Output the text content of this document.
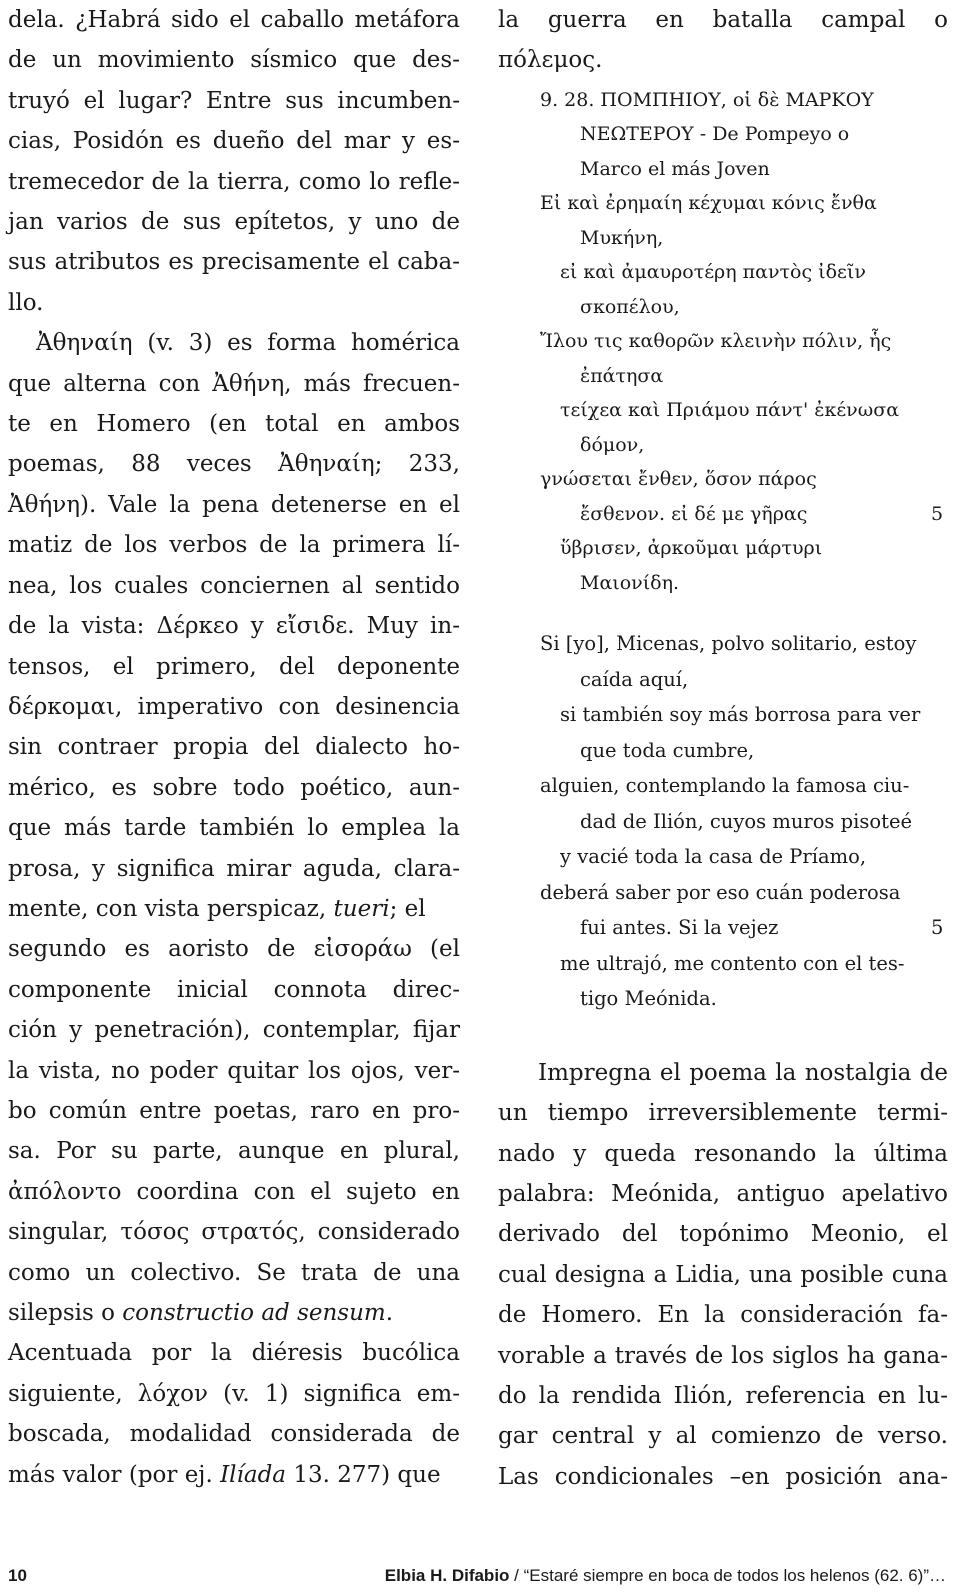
dela. ¿Habrá sido el caballo metáfora
de un movimiento sísmico que des-
truyó el lugar? Entre sus incumben-
cias, Posidón es dueño del mar y es-
tremecedor de la tierra, como lo refle-
jan varios de sus epítetos, y uno de
sus atributos es precisamente el caba-
llo.
Ἀθηναίη (v. 3) es forma homérica
que alterna con Ἀθήνη, más frecuen-
te en Homero (en total en ambos
poemas, 88 veces Ἀθηναίη; 233,
Ἀθήνη). Vale la pena detenerse en el
matiz de los verbos de la primera lí-
nea, los cuales conciernen al sentido
de la vista: Δέρκεο y εἴσιδε. Muy in-
tensos, el primero, del deponente
δέρκομαι, imperativo con desinencia
sin contraer propia del dialecto ho-
mérico, es sobre todo poético, aun-
que más tarde también lo emplea la
prosa, y significa mirar aguda, clara-
mente, con vista perspicaz, tueri; el
segundo es aoristo de εἰσοράω (el
componente inicial connota direc-
ción y penetración), contemplar, fijar
la vista, no poder quitar los ojos, ver-
bo común entre poetas, raro en pro-
sa. Por su parte, aunque en plural,
ἀπόλοντο coordina con el sujeto en
singular, τόσος στρατός, considerado
como un colectivo. Se trata de una
silepsis o constructio ad sensum.
Acentuada por la diéresis bucólica
siguiente, λόχον (v. 1) significa em-
boscada, modalidad considerada de
más valor (por ej. Ilíada 13. 277) que
la guerra en batalla campal o
πόλεμος.
9. 28. ΠΟΜΠΗΙΟΥ, οἱ δὲ ΜΑΡΚΟΥ
ΝΕΩΤΕΡΟΥ - De Pompeyo o
Marco el más Joven
Εἰ καὶ ἐρημαίη κέχυμαι κόνις ἔνθα
Μυκήνη,
εἰ καὶ ἀμαυροτέρη παντὸς ἰδεῖν
σκοπέλου,
Ἴλου τις καθορῶν κλεινὴν πόλιν, ἧς
ἐπάτησα
τείχεα καὶ Πριάμου πάντ' ἐκένωσα
δόμον,
γνώσεται ἔνθεν, ὅσον πάρος
ἔσθενον. εἰ δέ με γῆρας	5
ὕβρισεν, ἀρκοῦμαι μάρτυρι
Μαιονίδη.
Si [yo], Micenas, polvo solitario, estoy
caída aquí,
si también soy más borrosa para ver
que toda cumbre,
alguien, contemplando la famosa ciu-
dad de Ilión, cuyos muros pisoteé
y vacié toda la casa de Príamo,
deberá saber por eso cuán poderosa
fui antes. Si la vejez	5
me ultrajó, me contento con el tes-
tigo Meónida.
Impregna el poema la nostalgia de
un tiempo irreversiblemente termi-
nado y queda resonando la última
palabra: Meónida, antiguo apelativo
derivado del topónimo Meonio, el
cual designa a Lidia, una posible cuna
de Homero. En la consideración fa-
vorable a través de los siglos ha gana-
do la rendida Ilión, referencia en lu-
gar central y al comienzo de verso.
Las condicionales –en posición ana-
10	Elbia H. Difabio / “Estaré siempre en boca de todos los helenos (62. 6)”…
